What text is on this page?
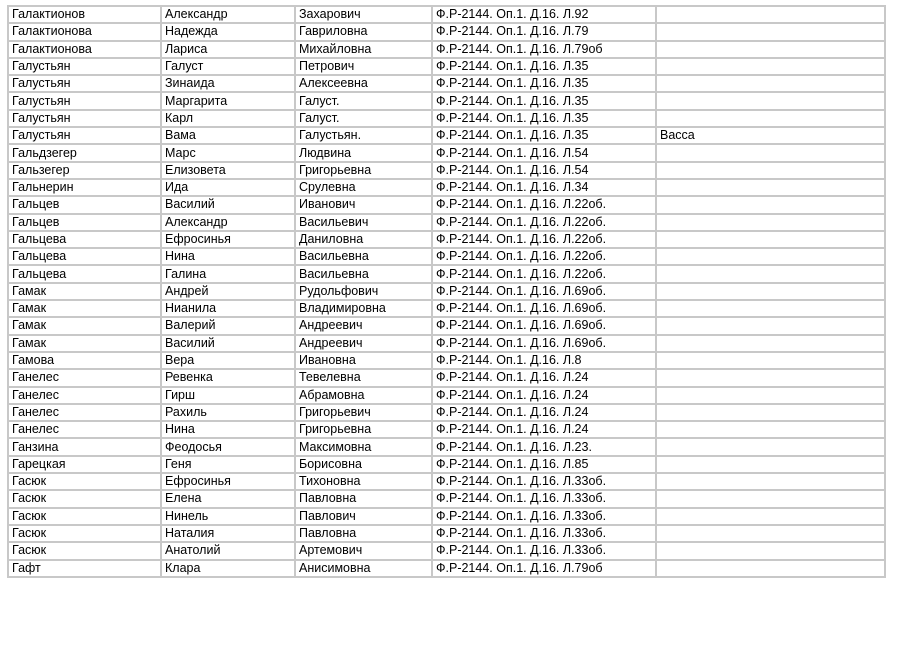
Галактионов	Александр	Захарович	Ф.Р-2144. Оп.1. Д.16. Л.92	
Галактионова	Надежда	Гавриловна	Ф.Р-2144. Оп.1. Д.16. Л.79	
Галактионова	Лариса	Михайловна	Ф.Р-2144. Оп.1. Д.16. Л.79об	
Галустьян	Галуст	Петрович	Ф.Р-2144. Оп.1. Д.16. Л.35	
Галустьян	Зинаида	Алексеевна	Ф.Р-2144. Оп.1. Д.16. Л.35	
Галустьян	Маргарита	Галуст.	Ф.Р-2144. Оп.1. Д.16. Л.35	
Галустьян	Карл	Галуст.	Ф.Р-2144. Оп.1. Д.16. Л.35	
Галустьян	Вама	Галустьян.	Ф.Р-2144. Оп.1. Д.16. Л.35	Васса
Гальдзегер	Марс	Людвина	Ф.Р-2144. Оп.1. Д.16. Л.54	
Гальзегер	Елизовета	Григорьевна	Ф.Р-2144. Оп.1. Д.16. Л.54	
Гальнерин	Ида	Срулевна	Ф.Р-2144. Оп.1. Д.16. Л.34	
Гальцев	Василий	Иванович	Ф.Р-2144. Оп.1. Д.16. Л.22об.	
Гальцев	Александр	Васильевич	Ф.Р-2144. Оп.1. Д.16. Л.22об.	
Гальцева	Ефросинья	Даниловна	Ф.Р-2144. Оп.1. Д.16. Л.22об.	
Гальцева	Нина	Васильевна	Ф.Р-2144. Оп.1. Д.16. Л.22об.	
Гальцева	Галина	Васильевна	Ф.Р-2144. Оп.1. Д.16. Л.22об.	
Гамак	Андрей	Рудольфович	Ф.Р-2144. Оп.1. Д.16. Л.69об.	
Гамак	Нианила	Владимировна	Ф.Р-2144. Оп.1. Д.16. Л.69об.	
Гамак	Валерий	Андреевич	Ф.Р-2144. Оп.1. Д.16. Л.69об.	
Гамак	Василий	Андреевич	Ф.Р-2144. Оп.1. Д.16. Л.69об.	
Гамова	Вера	Ивановна	Ф.Р-2144. Оп.1. Д.16. Л.8	
Ганелес	Ревенка	Тевелевна	Ф.Р-2144. Оп.1. Д.16. Л.24	
Ганелес	Гирш	Абрамовна	Ф.Р-2144. Оп.1. Д.16. Л.24	
Ганелес	Рахиль	Григорьевич	Ф.Р-2144. Оп.1. Д.16. Л.24	
Ганелес	Нина	Григорьевна	Ф.Р-2144. Оп.1. Д.16. Л.24	
Ганзина	Феодосья	Максимовна	Ф.Р-2144. Оп.1. Д.16. Л.23.	
Гарецкая	Геня	Борисовна	Ф.Р-2144. Оп.1. Д.16. Л.85	
Гасюк	Ефросинья	Тихоновна	Ф.Р-2144. Оп.1. Д.16. Л.33об.	
Гасюк	Елена	Павловна	Ф.Р-2144. Оп.1. Д.16. Л.33об.	
Гасюк	Нинель	Павлович	Ф.Р-2144. Оп.1. Д.16. Л.33об.	
Гасюк	Наталия	Павловна	Ф.Р-2144. Оп.1. Д.16. Л.33об.	
Гасюк	Анатолий	Артемович	Ф.Р-2144. Оп.1. Д.16. Л.33об.	
Гафт	Клара	Анисимовна	Ф.Р-2144. Оп.1. Д.16. Л.79об	
